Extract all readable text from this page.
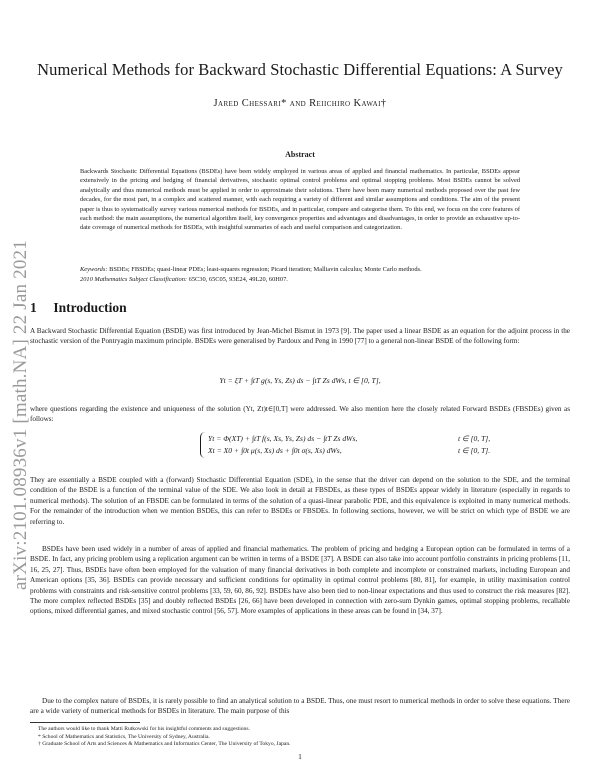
arXiv:2101.08936v1 [math.NA] 22 Jan 2021
Numerical Methods for Backward Stochastic Differential Equations: A Survey
Jared Chessari* and Reiichiro Kawai†
Abstract

Backwards Stochastic Differential Equations (BSDEs) have been widely employed in various areas of applied and financial mathematics. In particular, BSDEs appear extensively in the pricing and hedging of financial derivatives, stochastic optimal control problems and optimal stopping problems. Most BSDEs cannot be solved analytically and thus numerical methods must be applied in order to approximate their solutions. There have been many numerical methods proposed over the past few decades, for the most part, in a complex and scattered manner, with each requiring a variety of different and similar assumptions and conditions. The aim of the present paper is thus to systematically survey various numerical methods for BSDEs, and in particular, compare and categorise them. To this end, we focus on the core features of each method: the main assumptions, the numerical algorithm itself, key convergence properties and advantages and disadvantages, in order to provide an exhaustive up-to-date coverage of numerical methods for BSDEs, with insightful summaries of each and useful comparison and categorization.

Keywords: BSDEs; FBSDEs; quasi-linear PDEs; least-squares regression; Picard iteration; Malliavin calculus; Monte Carlo methods.
2010 Mathematics Subject Classification: 65C30, 65C05, 93E24, 49L20, 60H07.
1 Introduction

A Backward Stochastic Differential Equation (BSDE) was first introduced by Jean-Michel Bismut in 1973 [9]. The paper used a linear BSDE as an equation for the adjoint process in the stochastic version of the Pontryagin maximum principle. BSDEs were generalised by Pardoux and Peng in 1990 [77] to a general non-linear BSDE of the following form:

Yt = ξT + ∫tT g(s, Ys, Zs) ds − ∫tT Zs dWs, t ∈ [0, T],

where questions regarding the existence and uniqueness of the solution (Yt, Zt)t∈[0,T] were addressed. We also mention here the closely related Forward BSDEs (FBSDEs) given as follows:

Yt = Φ(XT) + ∫tT f(s, Xs, Ys, Zs) ds − ∫tT Zs dWs,	t ∈ [0, T],
Xt = X0 + ∫0t μ(s, Xs) ds + ∫0t σ(s, Xs) dWs,	t ∈ [0, T].

They are essentially a BSDE coupled with a (forward) Stochastic Differential Equation (SDE), in the sense that the driver can depend on the solution to the SDE, and the terminal condition of the BSDE is a function of the terminal value of the SDE. We also look in detail at FBSDEs, as these types of BSDEs appear widely in literature (especially in regards to numerical methods). The solution of an FBSDE can be formulated in terms of the solution of a quasi-linear parabolic PDE, and this equivalence is exploited in many numerical methods. For the remainder of the introduction when we mention BSDEs, this can refer to BSDEs or FBSDEs. In following sections, however, we will be strict on which type of BSDE we are referring to.

BSDEs have been used widely in a number of areas of applied and financial mathematics. The problem of pricing and hedging a European option can be formulated in terms of a BSDE. In fact, any pricing problem using a replication argument can be written in terms of a BSDE [37]. A BSDE can also take into account portfolio constraints in pricing problems [11, 16, 25, 27]. Thus, BSDEs have often been employed for the valuation of many financial derivatives in both complete and incomplete or constrained markets, including European and American options [35, 36]. BSDEs can provide necessary and sufficient conditions for optimality in optimal control problems [80, 81], for example, in utility maximisation control problems with constraints and risk-sensitive control problems [33, 59, 60, 86, 92]. BSDEs have also been tied to non-linear expectations and thus used to construct the risk measures [82]. The more complex reflected BSDEs [35] and doubly reflected BSDEs [26, 66] have been developed in connection with zero-sum Dynkin games, optimal stopping problems, recallable options, mixed differential games, and mixed stochastic control [56, 57]. More examples of applications in these areas can be found in [34, 37].

Due to the complex nature of BSDEs, it is rarely possible to find an analytical solution to a BSDE. Thus, one must resort to numerical methods in order to solve these equations. There are a wide variety of numerical methods for BSDEs in literature. The main purpose of this

The authors would like to thank Matti Rutkowski for his insightful comments and suggestions.

* School of Mathematics and Statistics, The University of Sydney, Australia.

† Graduate School of Arts and Sciences & Mathematics and Informatics Center, The University of Tokyo, Japan.

1
